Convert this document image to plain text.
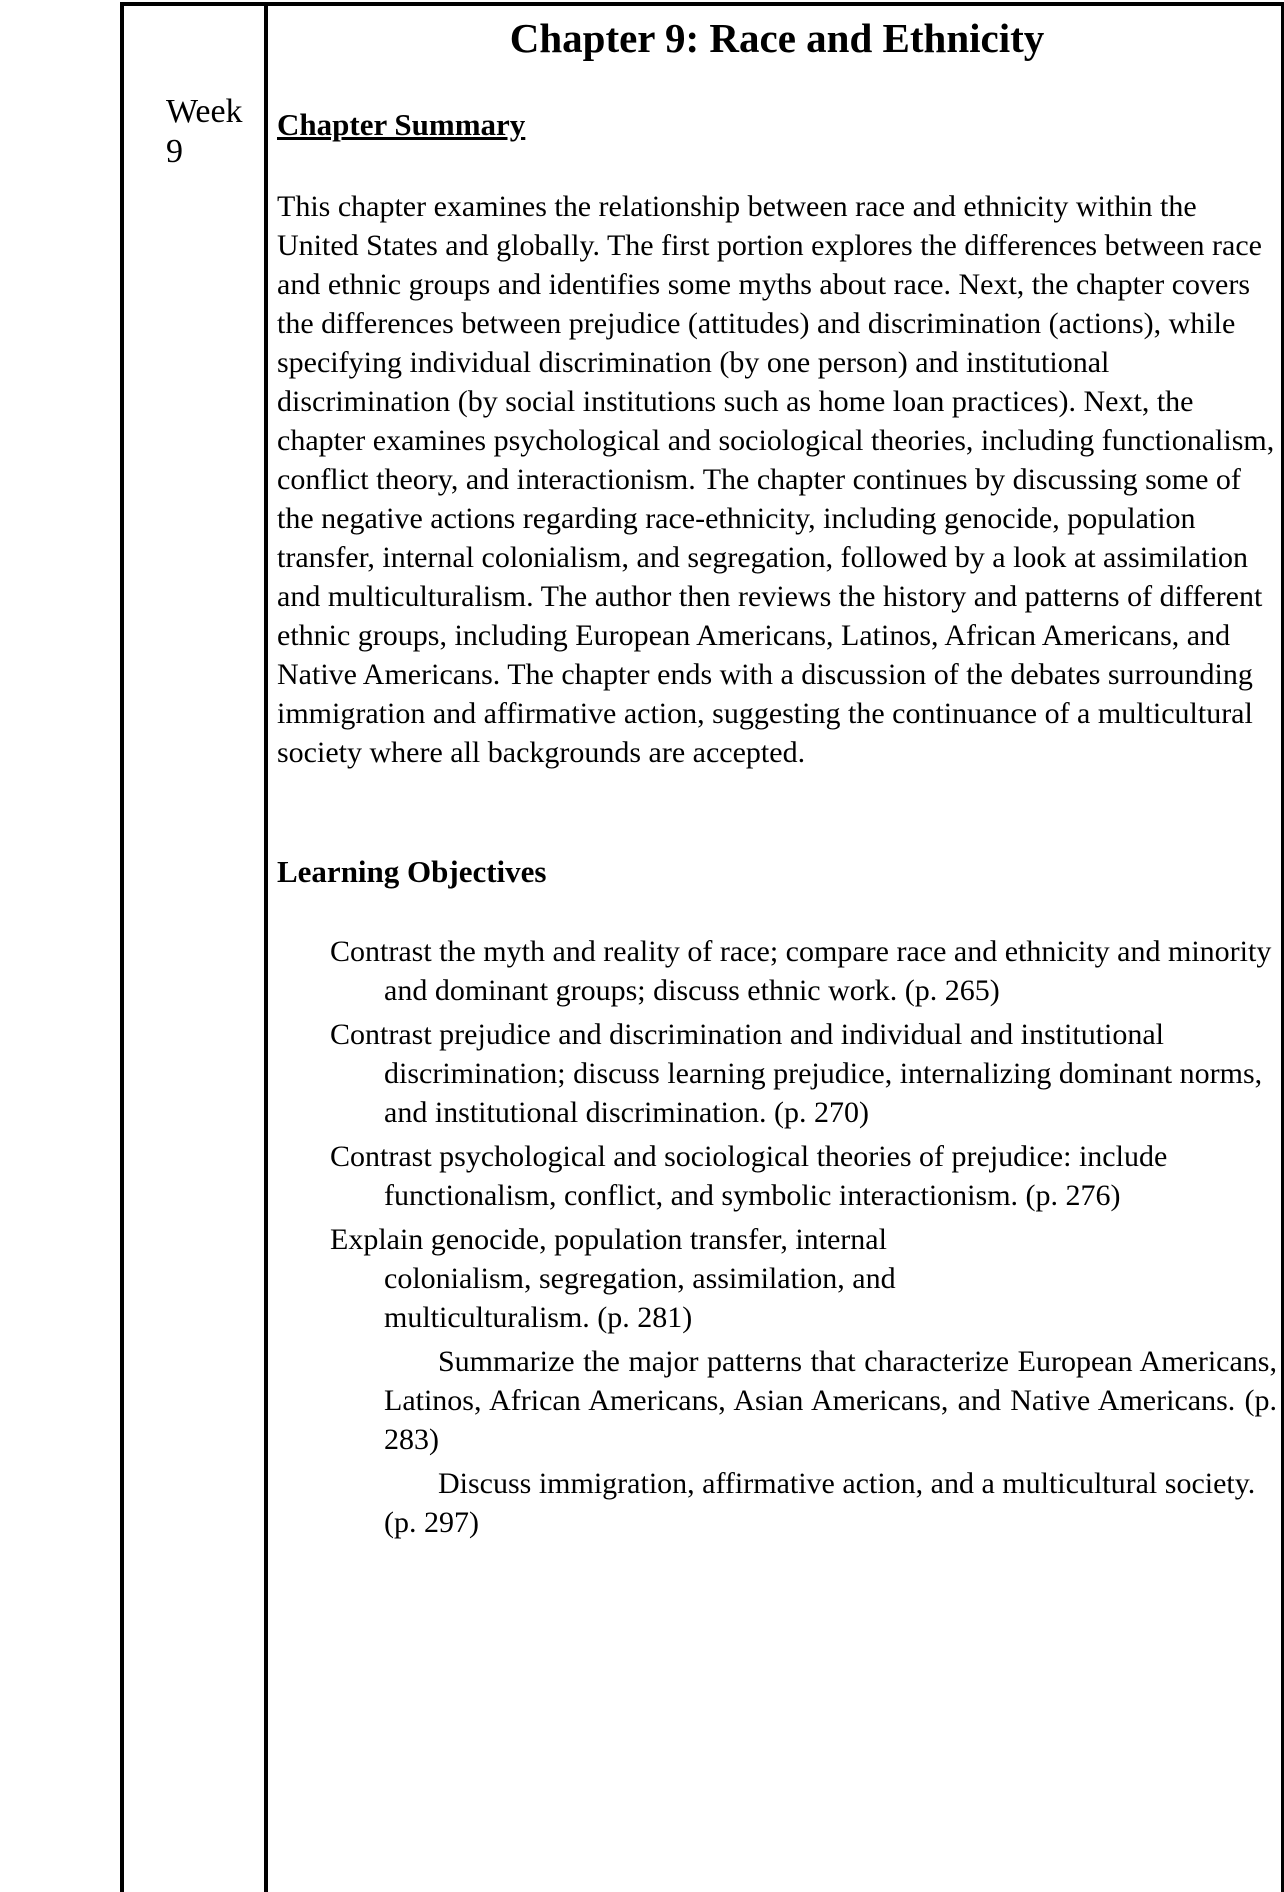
Week
9
Chapter 9: Race and Ethnicity
Chapter Summary

This chapter examines the relationship between race and ethnicity within the United States and globally. The first portion explores the differences between race and ethnic groups and identifies some myths about race. Next, the chapter covers the differences between prejudice (attitudes) and discrimination (actions), while specifying individual discrimination (by one person) and institutional discrimination (by social institutions such as home loan practices). Next, the chapter examines psychological and sociological theories, including functionalism, conflict theory, and interactionism. The chapter continues by discussing some of the negative actions regarding race-ethnicity, including genocide, population transfer, internal colonialism, and segregation, followed by a look at assimilation and multiculturalism. The author then reviews the history and patterns of different ethnic groups, including European Americans, Latinos, African Americans, and Native Americans. The chapter ends with a discussion of the debates surrounding immigration and affirmative action, suggesting the continuance of a multicultural society where all backgrounds are accepted.

Learning Objectives
Contrast the myth and reality of race; compare race and ethnicity and minority and dominant groups; discuss ethnic work. (p. 265)
Contrast prejudice and discrimination and individual and institutional discrimination; discuss learning prejudice, internalizing dominant norms, and institutional discrimination. (p. 270)
Contrast psychological and sociological theories of prejudice: include functionalism, conflict, and symbolic interactionism. (p. 276)
Explain genocide, population transfer, internal colonialism, segregation, assimilation, and multiculturalism. (p. 281)
Summarize the major patterns that characterize European Americans, Latinos, African Americans, Asian Americans, and Native Americans. (p. 283)
Discuss immigration, affirmative action, and a multicultural society. (p. 297)
